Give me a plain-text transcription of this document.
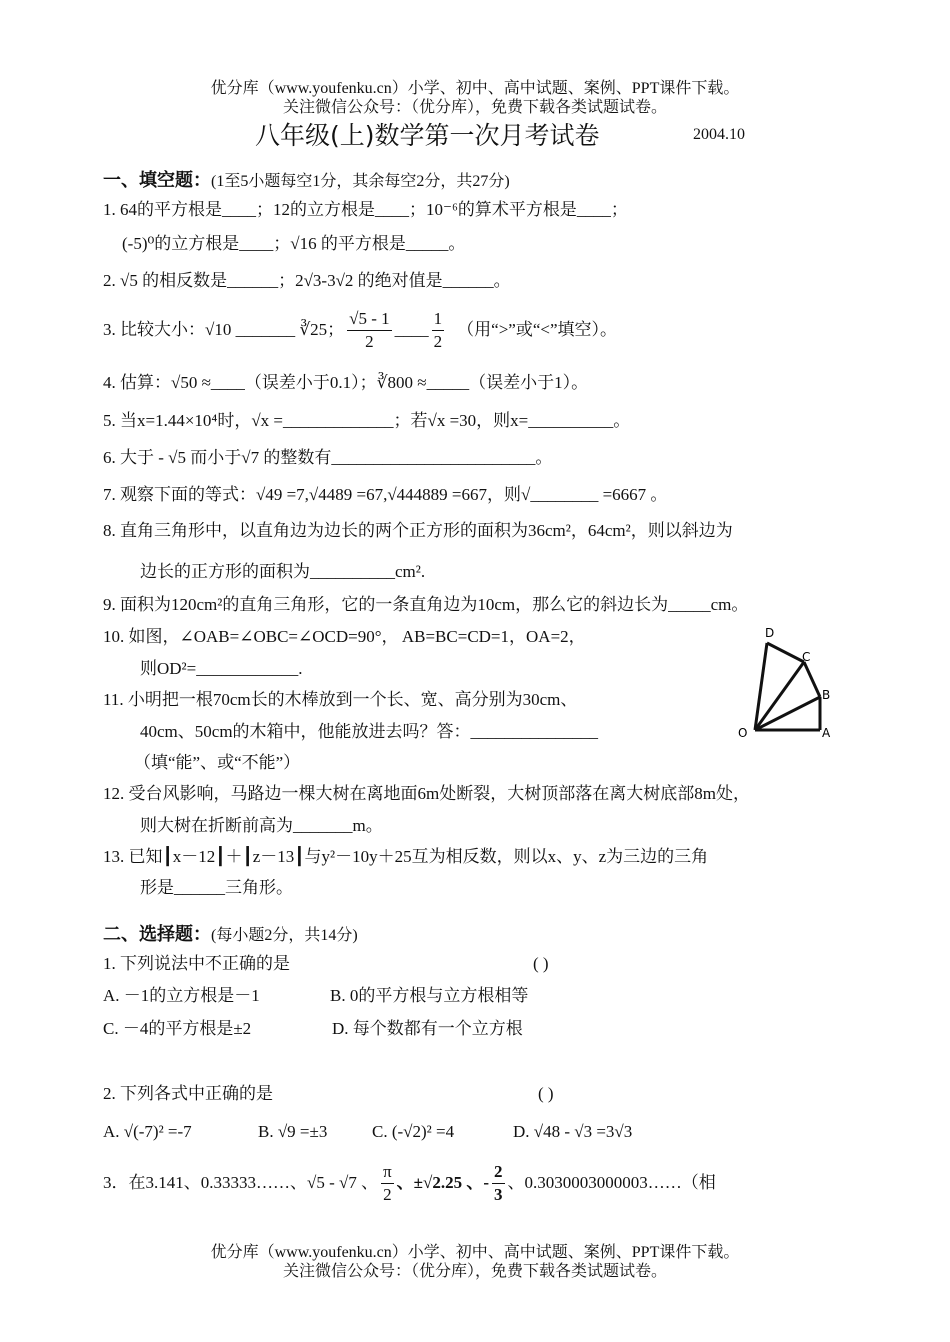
优分库（www.youfenku.cn）小学、初中、高中试题、案例、PPT课件下载。
关注微信公众号：（优分库），免费下载各类试题试卷。
八年级(上)数学第一次月考试卷	2004.10
一、填空题：(1至5小题每空1分，其余每空2分，共27分)
1. 64的平方根是____；12的立方根是____；10⁻⁶的算术平方根是____；
(-5)⁰的立方根是____；√16 的平方根是_____。
2. √5 的相反数是______；2√3-3√2 的绝对值是______。
3. 比较大小：√10 _______ ∛25； $\frac{√5 - 1}{2}$ ____ $\frac{1}{2}$ （用“>”或“<”填空）。
4. 估算：√50 ≈____（误差小于0.1）；∛800 ≈_____（误差小于1）。
5. 当x=1.44×10⁴时，√x =_____________；若√x =30，则x=__________。
6. 大于 - √5 而小于√7 的整数有________________________。
7. 观察下面的等式：√49 =7,√4489 =67,√444889 =667，则√________ =6667 。
8. 直角三角形中，以直角边为边长的两个正方形的面积为36cm²，64cm²，则以斜边为
边长的正方形的面积为__________cm².
9. 面积为120cm²的直角三角形，它的一条直角边为10cm，那么它的斜边长为_____cm。
10. 如图，∠OAB=∠OBC=∠OCD=90°， AB=BC=CD=1，OA=2，
则OD²=____________.
11. 小明把一根70cm长的木棒放到一个长、宽、高分别为30cm、
40cm、50cm的木箱中，他能放进去吗？答：_______________
（填“能”、或“不能”）
12. 受台风影响，马路边一棵大树在离地面6m处断裂，大树顶部落在离大树底部8m处，
则大树在折断前高为_______m。
13. 已知┃x－12┃＋┃z－13┃与y²－10y＋25互为相反数，则以x、y、z为三边的三角
形是______三角形。
D
C
B
O	A
二、选择题：(每小题2分，共14分)
1. 下列说法中不正确的是	( )
A. －1的立方根是－1	B. 0的平方根与立方根相等
C. －4的平方根是±2	D. 每个数都有一个立方根
2. 下列各式中正确的是	( )
A. √(-7)² =-7	B. √9 =±3	C. (-√2)² =4	D. √48 - √3 =3√3
3．在3.141、0.33333……、√5 - √7 、 $\frac{\pi}{2}$ 、±√2.25 、- $\frac{2}{3}$ 、0.3030003000003……（相
优分库（www.youfenku.cn）小学、初中、高中试题、案例、PPT课件下载。
关注微信公众号：（优分库），免费下载各类试题试卷。
